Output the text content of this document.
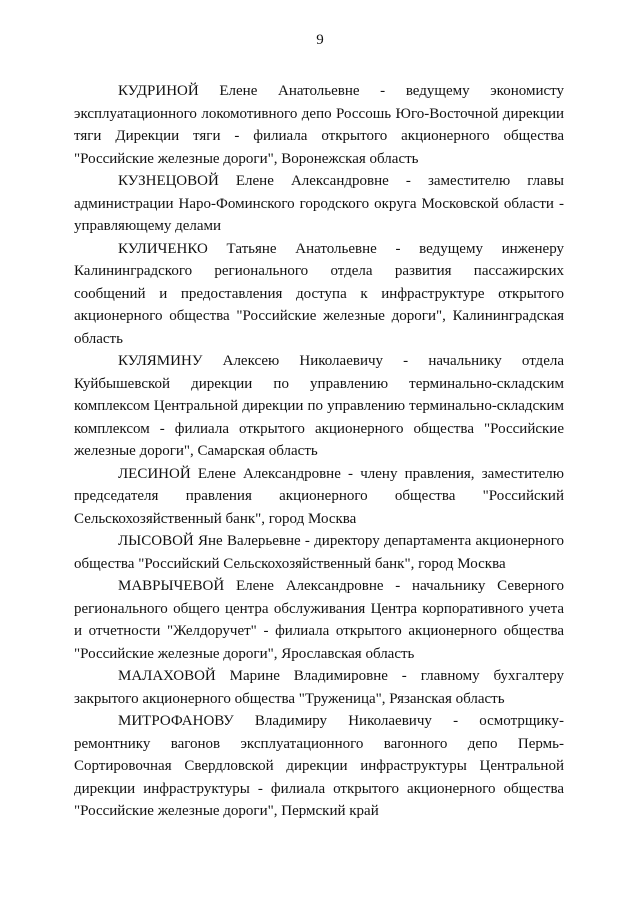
9

КУДРИНОЙ Елене Анатольевне - ведущему экономисту эксплуатационного локомотивного депо Россошь Юго-Восточной дирекции тяги Дирекции тяги - филиала открытого акционерного общества "Российские железные дороги", Воронежская область

КУЗНЕЦОВОЙ Елене Александровне - заместителю главы администрации Наро-Фоминского городского округа Московской области - управляющему делами

КУЛИЧЕНКО Татьяне Анатольевне - ведущему инженеру Калининградского регионального отдела развития пассажирских сообщений и предоставления доступа к инфраструктуре открытого акционерного общества "Российские железные дороги", Калининградская область

КУЛЯМИНУ Алексею Николаевичу - начальнику отдела Куйбышевской дирекции по управлению терминально-складским комплексом Центральной дирекции по управлению терминально-складским комплексом - филиала открытого акционерного общества "Российские железные дороги", Самарская область

ЛЕСИНОЙ Елене Александровне - члену правления, заместителю председателя правления акционерного общества "Российский Сельскохозяйственный банк", город Москва

ЛЫСОВОЙ Яне Валерьевне - директору департамента акционерного общества "Российский Сельскохозяйственный банк", город Москва

МАВРЫЧЕВОЙ Елене Александровне - начальнику Северного регионального общего центра обслуживания Центра корпоративного учета и отчетности "Желдоручет" - филиала открытого акционерного общества "Российские железные дороги", Ярославская область

МАЛАХОВОЙ Марине Владимировне - главному бухгалтеру закрытого акционерного общества "Труженица", Рязанская область

МИТРОФАНОВУ Владимиру Николаевичу - осмотрщику-ремонтнику вагонов эксплуатационного вагонного депо Пермь-Сортировочная Свердловской дирекции инфраструктуры Центральной дирекции инфраструктуры - филиала открытого акционерного общества "Российские железные дороги", Пермский край
